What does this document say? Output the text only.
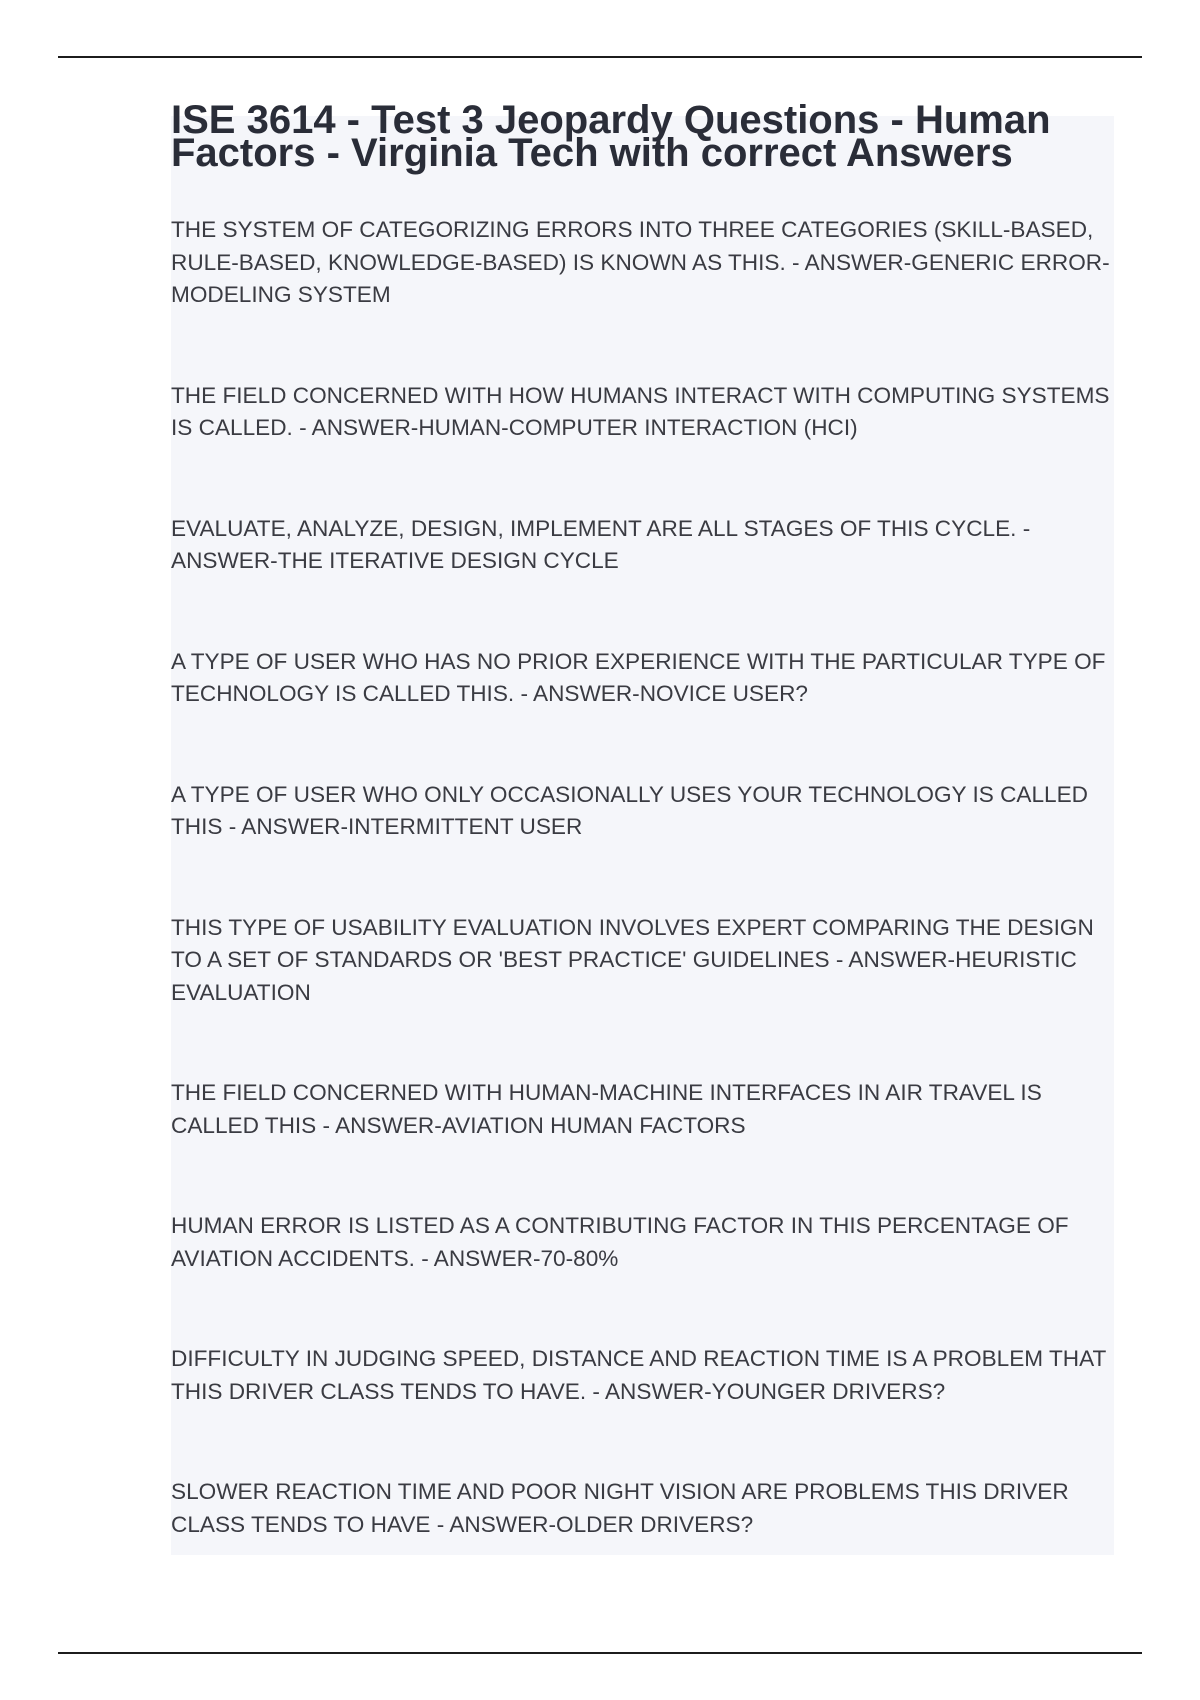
ISE 3614 - Test 3 Jeopardy Questions - Human Factors - Virginia Tech with correct Answers
THE SYSTEM OF CATEGORIZING ERRORS INTO THREE CATEGORIES (SKILL-BASED, RULE-BASED, KNOWLEDGE-BASED) IS KNOWN AS THIS. - ANSWER-GENERIC ERROR-MODELING SYSTEM
THE FIELD CONCERNED WITH HOW HUMANS INTERACT WITH COMPUTING SYSTEMS IS CALLED. - ANSWER-HUMAN-COMPUTER INTERACTION (HCI)
EVALUATE, ANALYZE, DESIGN, IMPLEMENT ARE ALL STAGES OF THIS CYCLE. - ANSWER-THE ITERATIVE DESIGN CYCLE
A TYPE OF USER WHO HAS NO PRIOR EXPERIENCE WITH THE PARTICULAR TYPE OF TECHNOLOGY IS CALLED THIS. - ANSWER-NOVICE USER?
A TYPE OF USER WHO ONLY OCCASIONALLY USES YOUR TECHNOLOGY IS CALLED THIS - ANSWER-INTERMITTENT USER
THIS TYPE OF USABILITY EVALUATION INVOLVES EXPERT COMPARING THE DESIGN TO A SET OF STANDARDS OR 'BEST PRACTICE' GUIDELINES - ANSWER-HEURISTIC EVALUATION
THE FIELD CONCERNED WITH HUMAN-MACHINE INTERFACES IN AIR TRAVEL IS CALLED THIS - ANSWER-AVIATION HUMAN FACTORS
HUMAN ERROR IS LISTED AS A CONTRIBUTING FACTOR IN THIS PERCENTAGE OF AVIATION ACCIDENTS. - ANSWER-70-80%
DIFFICULTY IN JUDGING SPEED, DISTANCE AND REACTION TIME IS A PROBLEM THAT THIS DRIVER CLASS TENDS TO HAVE. - ANSWER-YOUNGER DRIVERS?
SLOWER REACTION TIME AND POOR NIGHT VISION ARE PROBLEMS THIS DRIVER CLASS TENDS TO HAVE - ANSWER-OLDER DRIVERS?
